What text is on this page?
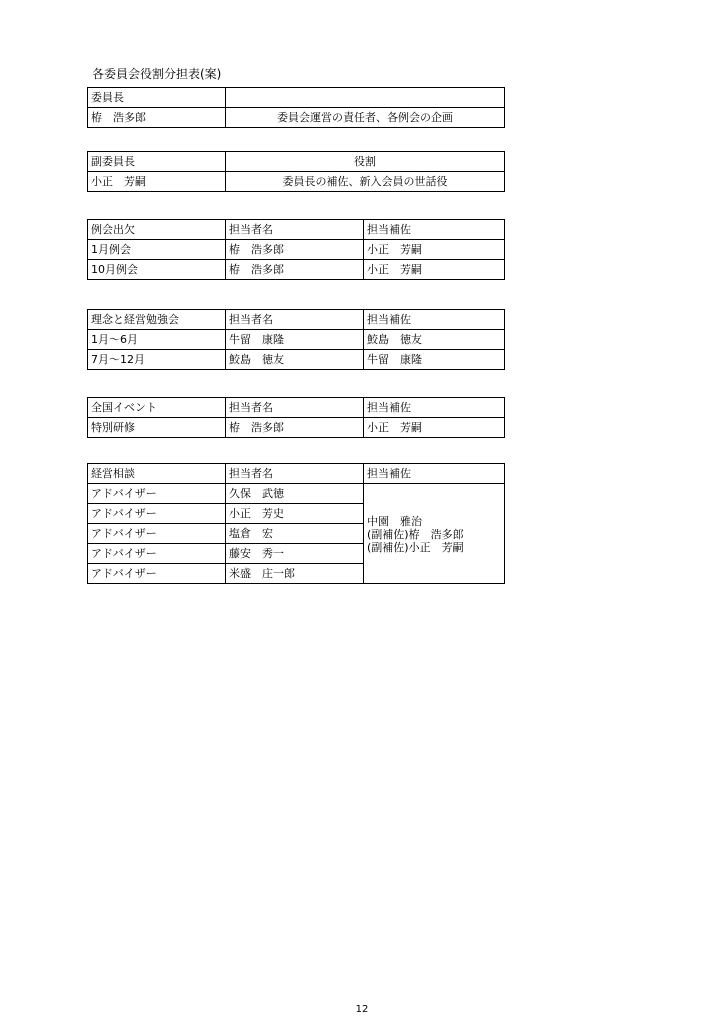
各委員会役割分担表(案)
委員長	
栫　浩多郎	委員会運営の責任者、各例会の企画
副委員長	役割
小正　芳嗣	委員長の補佐、新入会員の世話役
例会出欠	担当者名	担当補佐
1月例会	栫　浩多郎	小正　芳嗣
10月例会	栫　浩多郎	小正　芳嗣
理念と経営勉強会	担当者名	担当補佐
1月～6月	牛留　康隆	鮫島　徳友
7月～12月	鮫島　徳友	牛留　康隆
全国イベント	担当者名	担当補佐
特別研修	栫　浩多郎	小正　芳嗣
経営相談	担当者名	担当補佐
アドバイザー	久保　武徳	中園　雅治
(副補佐)栫　浩多郎
(副補佐)小正　芳嗣

アドバイザー	小正　芳史	
アドバイザー	塩倉　宏	
アドバイザー	藤安　秀一	
アドバイザー	米盛　庄一郎	
12
